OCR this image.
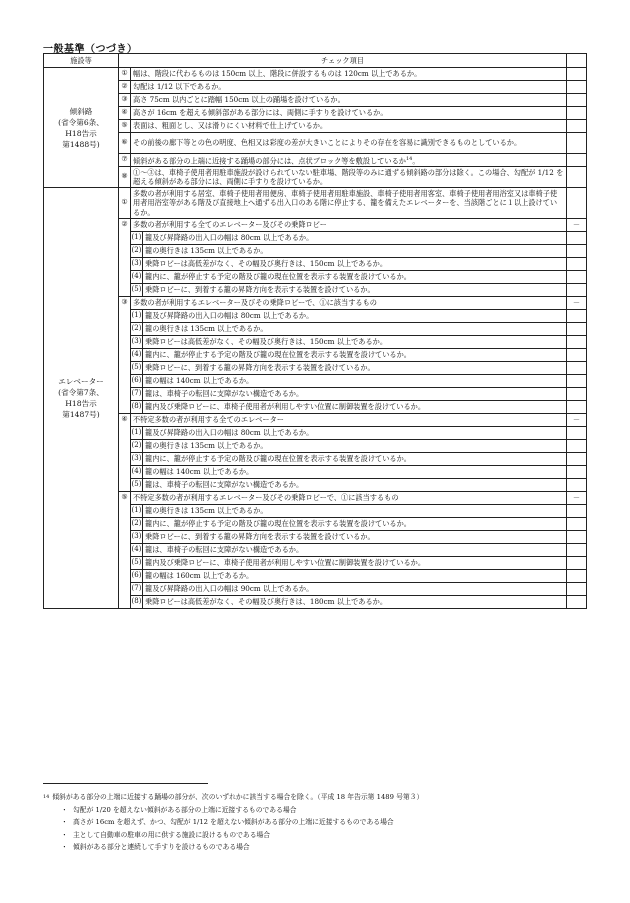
一般基準（つづき）
施設等	チェック項目			
傾斜路
(省令第6条、
H18告示
第1488号)	①	幅は、階段に代わるものは 150cm 以上、階段に併設するものは 120cm 以上であるか。		
	②	勾配は 1/12 以下であるか。		
	③	高さ 75cm 以内ごとに踏幅 150cm 以上の踊場を設けているか。		
	④	高さが 16cm を超える傾斜部がある部分には、両側に手すりを設けているか。		
	⑤	表面は、粗面とし、又は滑りにくい材料で仕上げているか。		
	⑥	その前後の廊下等との色の明度、色相又は彩度の差が大きいことによりその存在を容易に識別できるものとしているか。		
	⑦	傾斜がある部分の上端に近接する踊場の部分には、点状ブロック等を敷設しているか$^{14}$。		
	⑧	①～③は、車椅子使用者用駐車施設が設けられていない駐車場、階段等のみに通ずる傾斜路の部分は除く。この場合、勾配が 1/12 を超える傾斜がある部分には、両側に手すりを設けているか。		
エレベーター
(省令第7条、
H18告示
第1487号)	①	多数の者が利用する居室、車椅子使用者用便房、車椅子使用者用駐車施設、車椅子使用者用客室、車椅子使用者用浴室又は車椅子使用者用浴室等がある階及び直接地上へ通ずる出入口のある階に停止する、籠を備えたエレベーターを、当該階ごとに１以上設けているか。		
	②	多数の者が利用する全てのエレベーター及びその乗降ロビー		－
		(1)	籠及び昇降路の出入口の幅は 80cm 以上であるか。	
		(2)	籠の奥行きは 135cm 以上であるか。	
		(3)	乗降ロビーは高低差がなく、その幅及び奥行きは、150cm 以上であるか。	
		(4)	籠内に、籠が停止する予定の階及び籠の現在位置を表示する装置を設けているか。	
		(5)	乗降ロビーに、到着する籠の昇降方向を表示する装置を設けているか。	
	③	多数の者が利用するエレベーター及びその乗降ロビーで、①に該当するもの		－
		(1)	籠及び昇降路の出入口の幅は 80cm 以上であるか。	
		(2)	籠の奥行きは 135cm 以上であるか。	
		(3)	乗降ロビーは高低差がなく、その幅及び奥行きは、150cm 以上であるか。	
		(4)	籠内に、籠が停止する予定の階及び籠の現在位置を表示する装置を設けているか。	
		(5)	乗降ロビーに、到着する籠の昇降方向を表示する装置を設けているか。	
		(6)	籠の幅は 140cm 以上であるか。	
		(7)	籠は、車椅子の転回に支障がない構造であるか。	
		(8)	籠内及び乗降ロビーに、車椅子使用者が利用しやすい位置に制御装置を設けているか。	
	④	不特定多数の者が利用する全てのエレベーター		－
		(1)	籠及び昇降路の出入口の幅は 80cm 以上であるか。	
		(2)	籠の奥行きは 135cm 以上であるか。	
		(3)	籠内に、籠が停止する予定の階及び籠の現在位置を表示する装置を設けているか。	
		(4)	籠の幅は 140cm 以上であるか。	
		(5)	籠は、車椅子の転回に支障がない構造であるか。	
	⑤	不特定多数の者が利用するエレベーター及びその乗降ロビーで、①に該当するもの		－
		(1)	籠の奥行きは 135cm 以上であるか。	
		(2)	籠内に、籠が停止する予定の階及び籠の現在位置を表示する装置を設けているか。	
		(3)	乗降ロビーに、到着する籠の昇降方向を表示する装置を設けているか。	
		(4)	籠は、車椅子の転回に支障がない構造であるか。	
		(5)	籠内及び乗降ロビーに、車椅子使用者が利用しやすい位置に制御装置を設けているか。	
		(6)	籠の幅は 160cm 以上であるか。	
		(7)	籠及び昇降路の出入口の幅は 90cm 以上であるか。	
		(8)	乗降ロビーは高低差がなく、その幅及び奥行きは、180cm 以上であるか。	
$^{14}$ 傾斜がある部分の上端に近接する踊場の部分が、次のいずれかに該当する場合を除く。（平成 18 年告示第 1489 号第３）
・ 勾配が 1/20 を超えない傾斜がある部分の上端に近接するものである場合
・ 高さが 16cm を超えず、かつ、勾配が 1/12 を超えない傾斜がある部分の上端に近接するものである場合
・ 主として自動車の駐車の用に供する施設に設けるものである場合
・ 傾斜がある部分と連続して手すりを設けるものである場合
